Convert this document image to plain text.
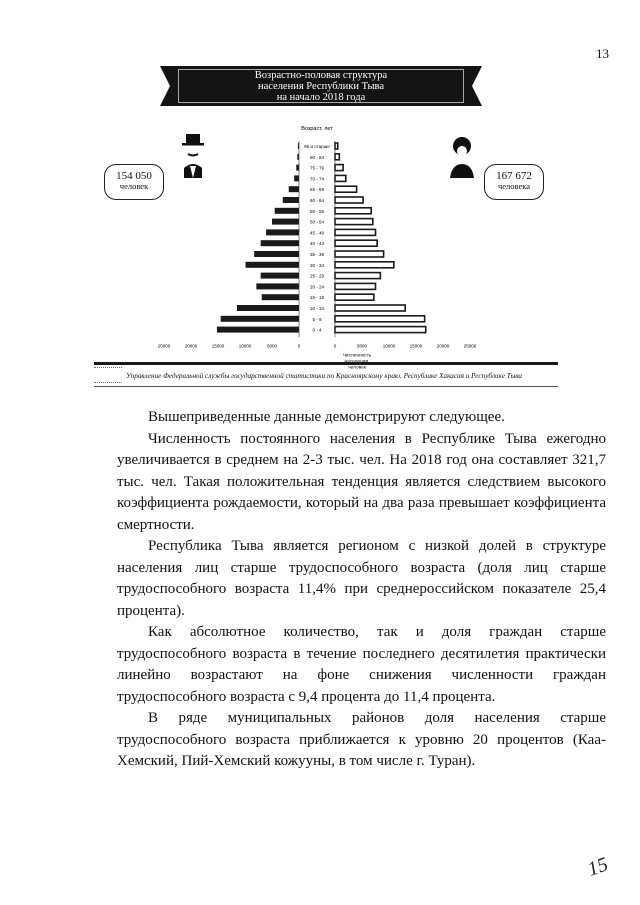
13
Возрастно-половая структура
населения Республики Тыва
на начало 2018 года
Возраст, лет
65 и старше
80 - 84
75 - 79
70 - 74
65 - 69
60 - 64
55 - 59
50 - 54
45 - 49
40 - 44
35 - 39
30 - 34
25 - 29
20 - 24
15 - 19
10 - 14
5 - 9
0 - 4
25000	20000	15000	10000	5000	0	0	5000	10000	15000	20000	25000
Численность
человек
154 050
человек
167 672
человека
Управление Федеральной службы государственной статистики по Красноярскому краю, Республике Хакасия и Республике Тыва

Вышеприведенные данные демонстрируют следующее.

Численность постоянного населения в Республике Тыва ежегодно увеличивается в среднем на 2-3 тыс. чел. На 2018 год она составляет 321,7 тыс. чел. Такая положительная тенденция является следствием высокого коэффициента рождаемости, который на два раза превышает коэффициента смертности.

Республика Тыва является регионом с низкой долей в структуре населения лиц старше трудоспособного возраста (доля лиц старше трудоспособного возраста 11,4% при среднероссийском показателе 25,4 процента).

Как абсолютное количество, так и доля граждан старше трудоспособного возраста в течение последнего десятилетия практически линейно возрастают на фоне снижения численности граждан трудоспособного возраста с 9,4 процента до 11,4 процента.

В ряде муниципальных районов доля населения старше трудоспособного возраста приближается к уровню 20 процентов (Каа-Хемский, Пий-Хемский кожууны, в том числе г. Туран).

15
